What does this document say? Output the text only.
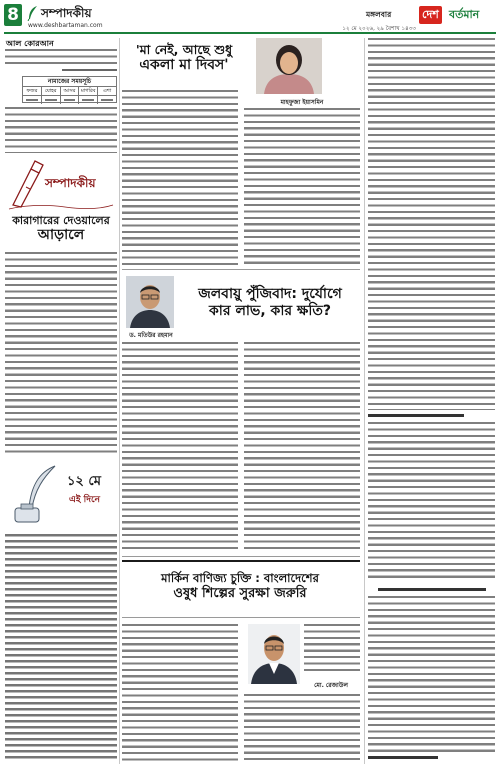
8 সম্পাদকীয়
www.deshbartaman.com
মঙ্গলবার
১২ মে ২০২৬, ২৯ বৈশাখ ১৪৩৩
দেশ বর্তমান
আল কোরআন
নামাজের সময়সূচি
ফজর	যোহর	আসর	মাগরিব	এশা
সম্পাদকীয়
কারাগারের দেওয়ালের
আড়ালে
১২ মে
এই দিনে
'মা নেই, আছে শুধু
একলা মা দিবস'
মাহফুজা ইয়াসমিন
ড. মতিউর রহমান
জলবায়ু পুঁজিবাদ: দুর্যোগে
কার লাভ, কার ক্ষতি?
মার্কিন বাণিজ্য চুক্তি : বাংলাদেশের
ওষুধ শিল্পের সুরক্ষা জরুরি
মো. রেজাউল
